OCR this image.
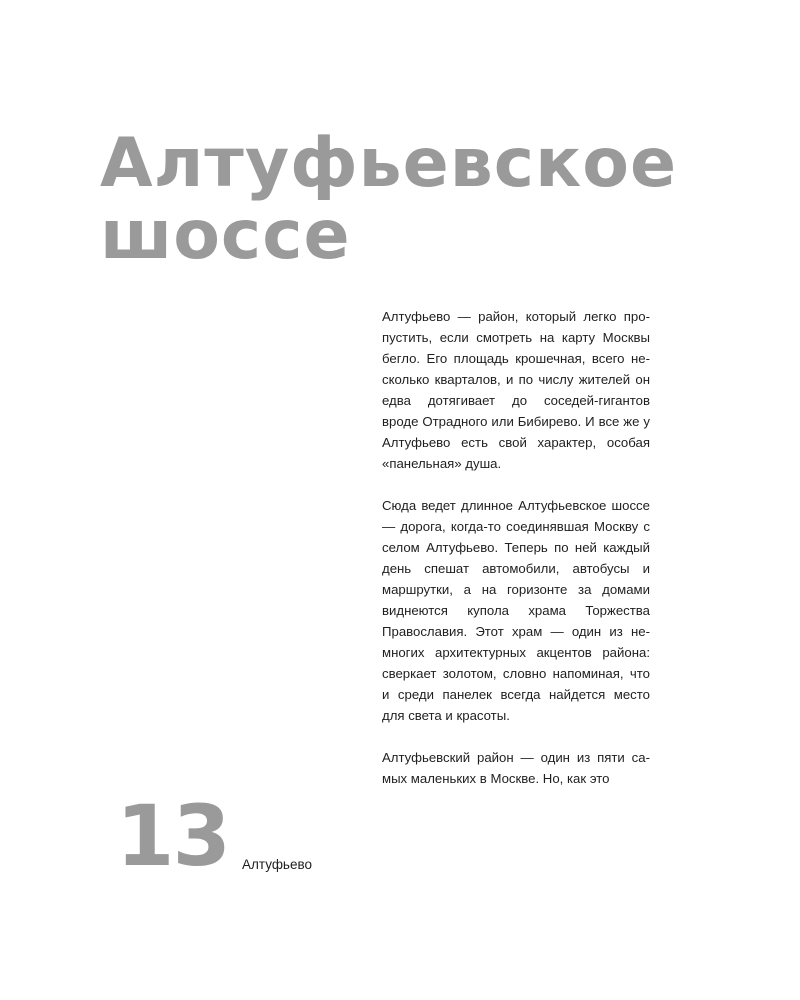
Алтуфьевское
шоссе

Алтуфьево — район, который легко пропустить, если смотреть на карту Москвы бегло. Его площадь крошечная, всего несколько кварталов, и по числу жителей он едва дотягивает до соседей-гигантов вроде Отрадного или Бибирево. И все же у Алтуфьево есть свой характер, особая «панельная» душа.

Сюда ведет длинное Алтуфьевское шоссе — дорога, когда-то соединявшая Москву с селом Алтуфьево. Теперь по ней каждый день спешат автомобили, автобусы и маршрутки, а на горизонте за домами виднеются купола храма Торжества Православия. Этот храм — один из немногих архитектурных акцентов района: сверкает золотом, словно напоминая, что и среди панелек всегда найдется место для света и красоты.

Алтуфьевский район — один из пяти самых маленьких в Москве. Но, как это

13 Алтуфьево
